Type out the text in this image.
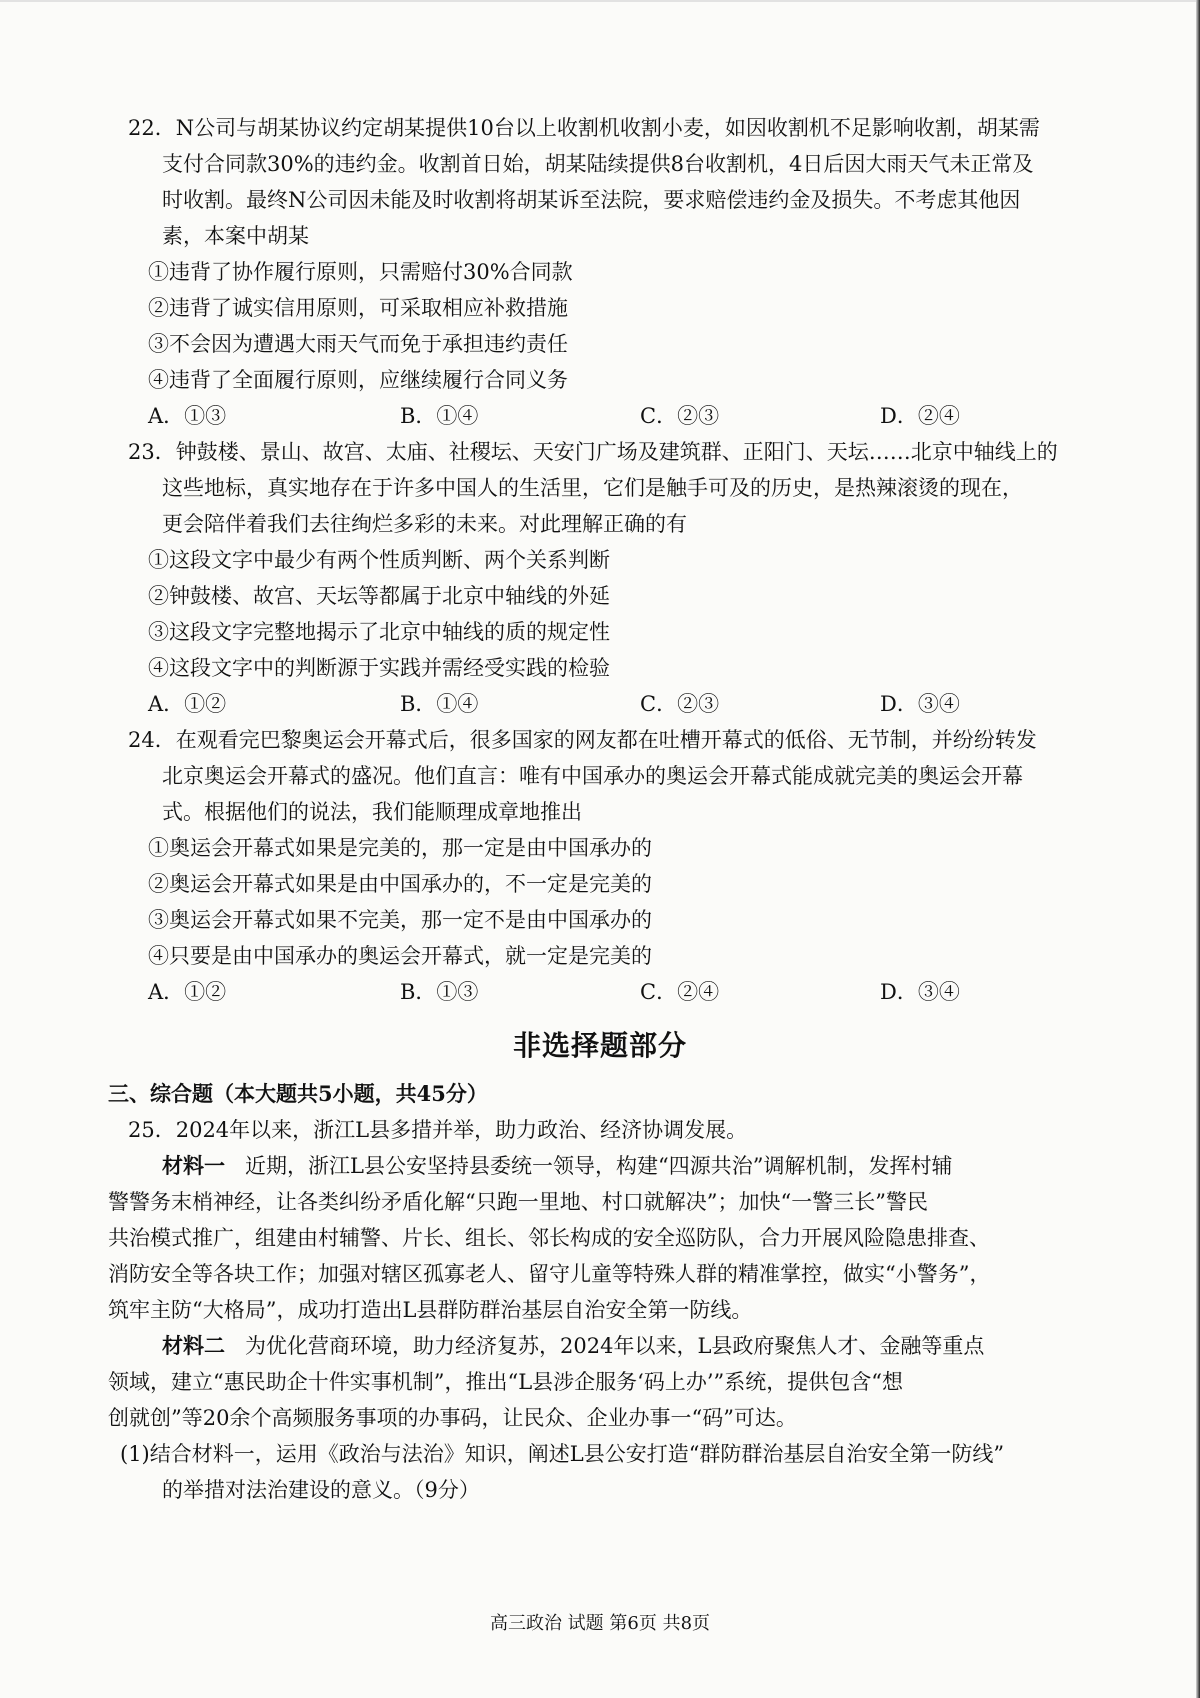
22．N公司与胡某协议约定胡某提供10台以上收割机收割小麦，如因收割机不足影响收割，胡某需
支付合同款30%的违约金。收割首日始，胡某陆续提供8台收割机，4日后因大雨天气未正常及
时收割。最终N公司因未能及时收割将胡某诉至法院，要求赔偿违约金及损失。不考虑其他因
素，本案中胡某
①违背了协作履行原则，只需赔付30%合同款
②违背了诚实信用原则，可采取相应补救措施
③不会因为遭遇大雨天气而免于承担违约责任
④违背了全面履行原则，应继续履行合同义务
A．①③	B．①④	C．②③	D．②④
23．钟鼓楼、景山、故宫、太庙、社稷坛、天安门广场及建筑群、正阳门、天坛……北京中轴线上的
这些地标，真实地存在于许多中国人的生活里，它们是触手可及的历史，是热辣滚烫的现在，
更会陪伴着我们去往绚烂多彩的未来。对此理解正确的有
①这段文字中最少有两个性质判断、两个关系判断
②钟鼓楼、故宫、天坛等都属于北京中轴线的外延
③这段文字完整地揭示了北京中轴线的质的规定性
④这段文字中的判断源于实践并需经受实践的检验
A．①②	B．①④	C．②③	D．③④
24．在观看完巴黎奥运会开幕式后，很多国家的网友都在吐槽开幕式的低俗、无节制，并纷纷转发
北京奥运会开幕式的盛况。他们直言：唯有中国承办的奥运会开幕式能成就完美的奥运会开幕
式。根据他们的说法，我们能顺理成章地推出
①奥运会开幕式如果是完美的，那一定是由中国承办的
②奥运会开幕式如果是由中国承办的，不一定是完美的
③奥运会开幕式如果不完美，那一定不是由中国承办的
④只要是由中国承办的奥运会开幕式，就一定是完美的
A．①②	B．①③	C．②④	D．③④
非选择题部分
三、综合题（本大题共5小题，共45分）
25．2024年以来，浙江L县多措并举，助力政治、经济协调发展。
材料一 近期，浙江L县公安坚持县委统一领导，构建“四源共治”调解机制，发挥村辅
警警务末梢神经，让各类纠纷矛盾化解“只跑一里地、村口就解决”；加快“一警三长”警民
共治模式推广，组建由村辅警、片长、组长、邻长构成的安全巡防队，合力开展风险隐患排查、
消防安全等各块工作；加强对辖区孤寡老人、留守儿童等特殊人群的精准掌控，做实“小警务”，
筑牢主防“大格局”，成功打造出L县群防群治基层自治安全第一防线。
材料二 为优化营商环境，助力经济复苏，2024年以来，L县政府聚焦人才、金融等重点
领域，建立“惠民助企十件实事机制”，推出“L县涉企服务‘码上办’”系统，提供包含“想
创就创”等20余个高频服务事项的办事码，让民众、企业办事一“码”可达。
(1)结合材料一，运用《政治与法治》知识，阐述L县公安打造“群防群治基层自治安全第一防线”
的举措对法治建设的意义。（9分）
高三政治 试题 第6页 共8页
